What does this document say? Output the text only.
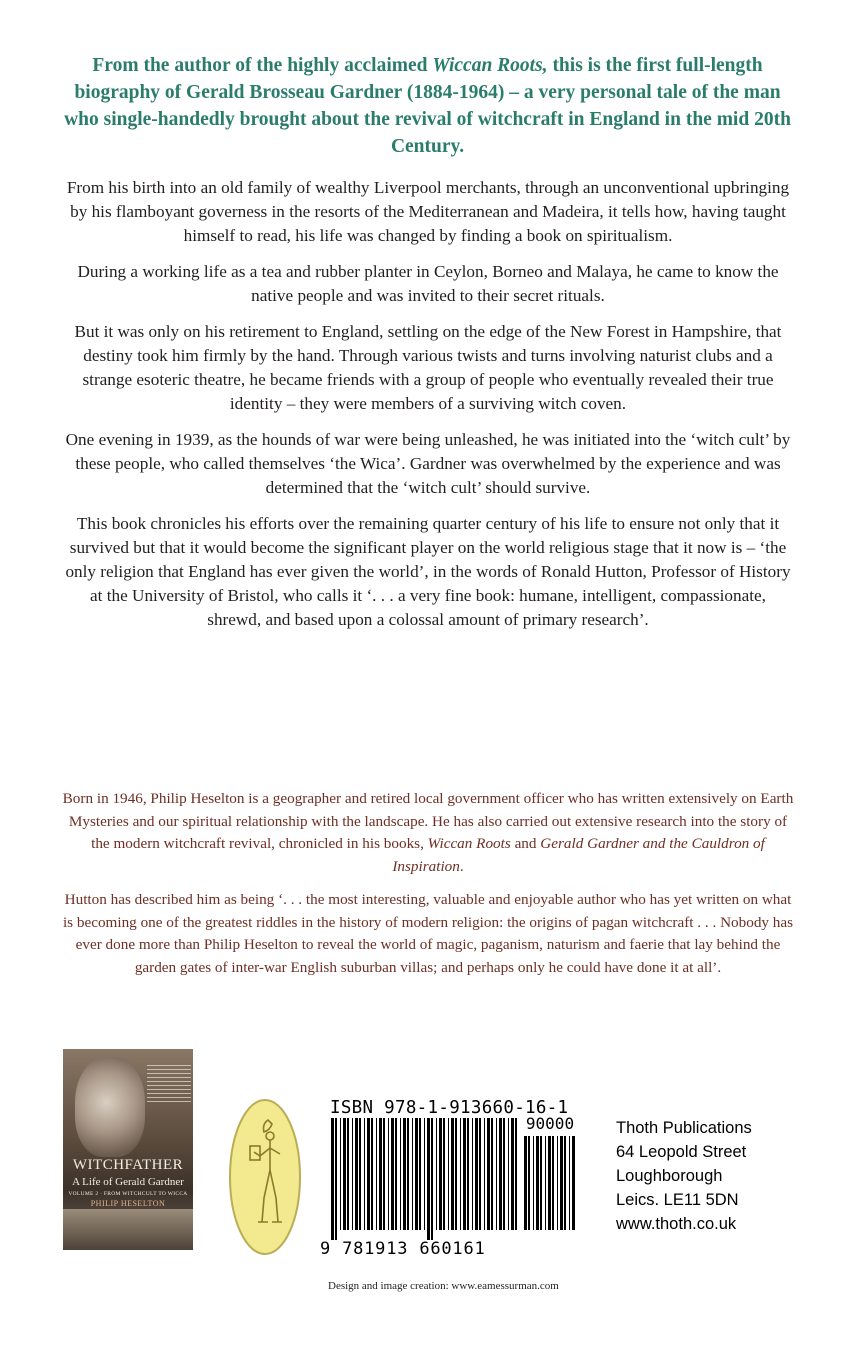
From the author of the highly acclaimed Wiccan Roots, this is the first full-length biography of Gerald Brosseau Gardner (1884-1964) – a very personal tale of the man who single-handedly brought about the revival of witchcraft in England in the mid 20th Century.

From his birth into an old family of wealthy Liverpool merchants, through an unconventional upbringing by his flamboyant governess in the resorts of the Mediterranean and Madeira, it tells how, having taught himself to read, his life was changed by finding a book on spiritualism.

During a working life as a tea and rubber planter in Ceylon, Borneo and Malaya, he came to know the native people and was invited to their secret rituals.

But it was only on his retirement to England, settling on the edge of the New Forest in Hampshire, that destiny took him firmly by the hand. Through various twists and turns involving naturist clubs and a strange esoteric theatre, he became friends with a group of people who eventually revealed their true identity – they were members of a surviving witch coven.

One evening in 1939, as the hounds of war were being unleashed, he was initiated into the ‘witch cult’ by these people, who called themselves ‘the Wica’. Gardner was overwhelmed by the experience and was determined that the ‘witch cult’ should survive.

This book chronicles his efforts over the remaining quarter century of his life to ensure not only that it survived but that it would become the significant player on the world religious stage that it now is – ‘the only religion that England has ever given the world’, in the words of Ronald Hutton, Professor of History at the University of Bristol, who calls it ‘. . . a very fine book: humane, intelligent, compassionate, shrewd, and based upon a colossal amount of primary research’.

Born in 1946, Philip Heselton is a geographer and retired local government officer who has written extensively on Earth Mysteries and our spiritual relationship with the landscape. He has also carried out extensive research into the story of the modern witchcraft revival, chronicled in his books, Wiccan Roots and Gerald Gardner and the Cauldron of Inspiration.

Hutton has described him as being ‘. . . the most interesting, valuable and enjoyable author who has yet written on what is becoming one of the greatest riddles in the history of modern religion: the origins of pagan witchcraft . . . Nobody has ever done more than Philip Heselton to reveal the world of magic, paganism, naturism and faerie that lay behind the garden gates of inter-war English suburban villas; and perhaps only he could have done it at all’.

WITCHFATHER
A Life of Gerald Gardner
VOLUME 2 · FROM WITCHCULT TO WICCA
PHILIP HESELTON
ISBN 978-1-913660-16-1
90000
9 781913 660161
Thoth Publications
64 Leopold Street
Loughborough
Leics. LE11 5DN
www.thoth.co.uk
Design and image creation: www.eamessurman.com
